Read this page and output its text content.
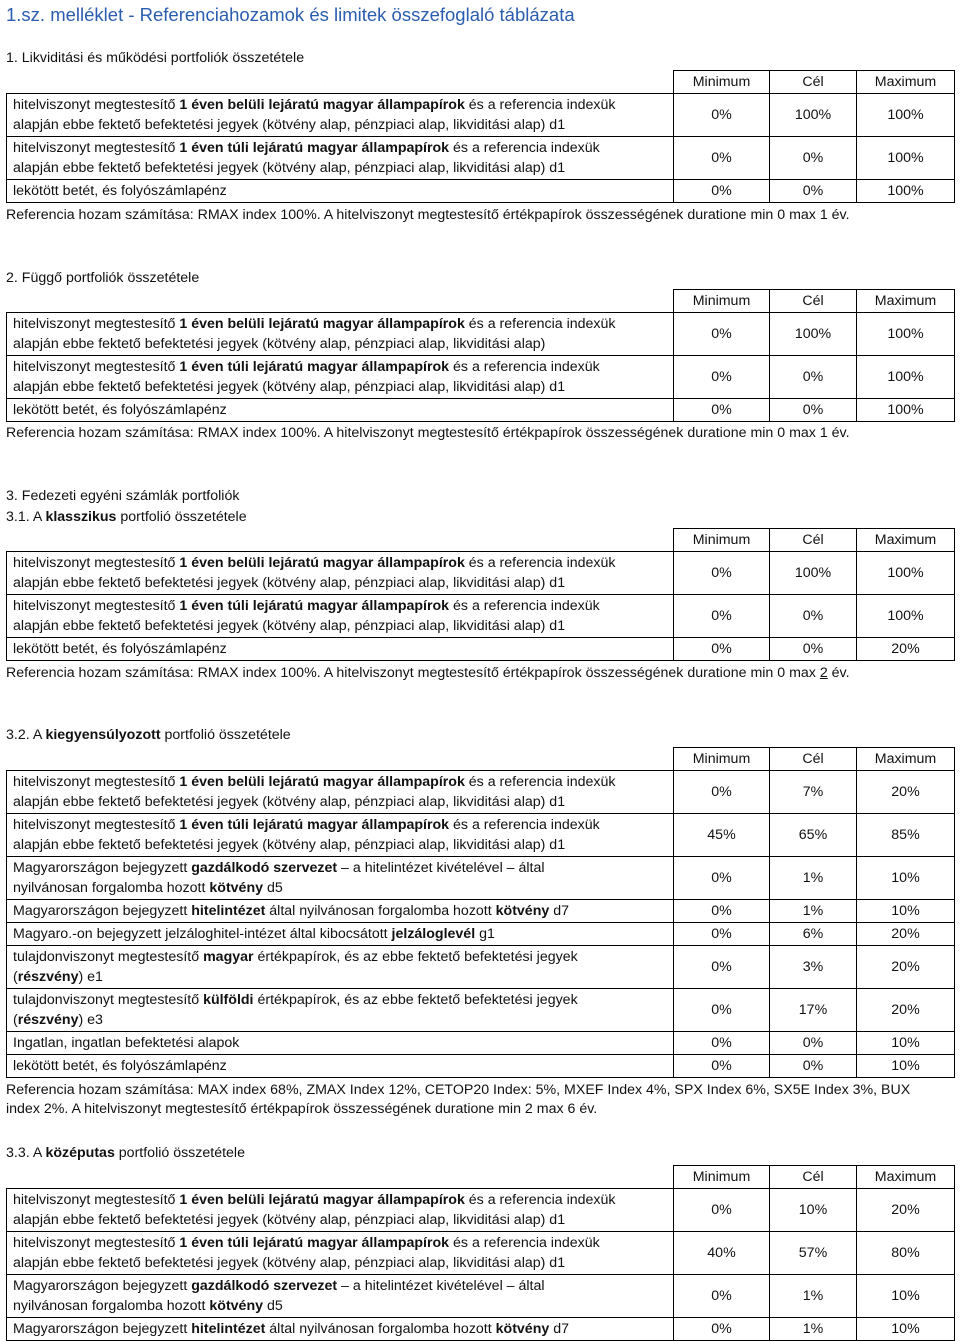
1.sz. melléklet - Referenciahozamok és limitek összefoglaló táblázata
1. Likviditási és működési portfoliók összetétele
	Minimum	Cél	Maximum
hitelviszonyt megtestesítő 1 éven belüli lejáratú magyar állampapírok és a referencia indexük
alapján ebbe fektető befektetési jegyek (kötvény alap, pénzpiaci alap, likviditási alap) d1	0%	100%	100%
hitelviszonyt megtestesítő 1 éven túli lejáratú magyar állampapírok és a referencia indexük
alapján ebbe fektető befektetési jegyek (kötvény alap, pénzpiaci alap, likviditási alap) d1	0%	0%	100%
lekötött betét, és folyószámlapénz	0%	0%	100%
Referencia hozam számítása: RMAX index 100%. A hitelviszonyt megtestesítő értékpapírok összességének duratione min 0 max 1 év.
2. Függő portfoliók összetétele
	Minimum	Cél	Maximum
hitelviszonyt megtestesítő 1 éven belüli lejáratú magyar állampapírok és a referencia indexük
alapján ebbe fektető befektetési jegyek (kötvény alap, pénzpiaci alap, likviditási alap)	0%	100%	100%
hitelviszonyt megtestesítő 1 éven túli lejáratú magyar állampapírok és a referencia indexük
alapján ebbe fektető befektetési jegyek (kötvény alap, pénzpiaci alap, likviditási alap) d1	0%	0%	100%
lekötött betét, és folyószámlapénz	0%	0%	100%
Referencia hozam számítása: RMAX index 100%. A hitelviszonyt megtestesítő értékpapírok összességének duratione min 0 max 1 év.
3. Fedezeti egyéni számlák portfoliók
3.1. A klasszikus portfolió összetétele
	Minimum	Cél	Maximum
hitelviszonyt megtestesítő 1 éven belüli lejáratú magyar állampapírok és a referencia indexük
alapján ebbe fektető befektetési jegyek (kötvény alap, pénzpiaci alap, likviditási alap) d1	0%	100%	100%
hitelviszonyt megtestesítő 1 éven túli lejáratú magyar állampapírok és a referencia indexük
alapján ebbe fektető befektetési jegyek (kötvény alap, pénzpiaci alap, likviditási alap) d1	0%	0%	100%
lekötött betét, és folyószámlapénz	0%	0%	20%
Referencia hozam számítása: RMAX index 100%. A hitelviszonyt megtestesítő értékpapírok összességének duratione min 0 max 2 év.
3.2. A kiegyensúlyozott portfolió összetétele
	Minimum	Cél	Maximum
hitelviszonyt megtestesítő 1 éven belüli lejáratú magyar állampapírok és a referencia indexük
alapján ebbe fektető befektetési jegyek (kötvény alap, pénzpiaci alap, likviditási alap) d1	0%	7%	20%
hitelviszonyt megtestesítő 1 éven túli lejáratú magyar állampapírok és a referencia indexük
alapján ebbe fektető befektetési jegyek (kötvény alap, pénzpiaci alap, likviditási alap) d1	45%	65%	85%
Magyarországon bejegyzett gazdálkodó szervezet – a hitelintézet kivételével – által
nyilvánosan forgalomba hozott kötvény d5	0%	1%	10%
Magyarországon bejegyzett hitelintézet által nyilvánosan forgalomba hozott kötvény d7	0%	1%	10%
Magyaro.-on bejegyzett jelzáloghitel-intézet által kibocsátott jelzáloglevél g1	0%	6%	20%
tulajdonviszonyt megtestesítő magyar értékpapírok, és az ebbe fektető befektetési jegyek
(részvény) e1	0%	3%	20%
tulajdonviszonyt megtestesítő külföldi értékpapírok, és az ebbe fektető befektetési jegyek
(részvény) e3	0%	17%	20%
Ingatlan, ingatlan befektetési alapok	0%	0%	10%
lekötött betét, és folyószámlapénz	0%	0%	10%
Referencia hozam számítása: MAX index 68%, ZMAX Index 12%, CETOP20 Index: 5%, MXEF Index 4%, SPX Index 6%, SX5E Index 3%, BUX index 2%. A hitelviszonyt megtestesítő értékpapírok összességének duratione min 2 max 6 év.
3.3. A középutas portfolió összetétele
	Minimum	Cél	Maximum
hitelviszonyt megtestesítő 1 éven belüli lejáratú magyar állampapírok és a referencia indexük
alapján ebbe fektető befektetési jegyek (kötvény alap, pénzpiaci alap, likviditási alap) d1	0%	10%	20%
hitelviszonyt megtestesítő 1 éven túli lejáratú magyar állampapírok és a referencia indexük
alapján ebbe fektető befektetési jegyek (kötvény alap, pénzpiaci alap, likviditási alap) d1	40%	57%	80%
Magyarországon bejegyzett gazdálkodó szervezet – a hitelintézet kivételével – által
nyilvánosan forgalomba hozott kötvény d5	0%	1%	10%
Magyarországon bejegyzett hitelintézet által nyilvánosan forgalomba hozott kötvény d7	0%	1%	10%
